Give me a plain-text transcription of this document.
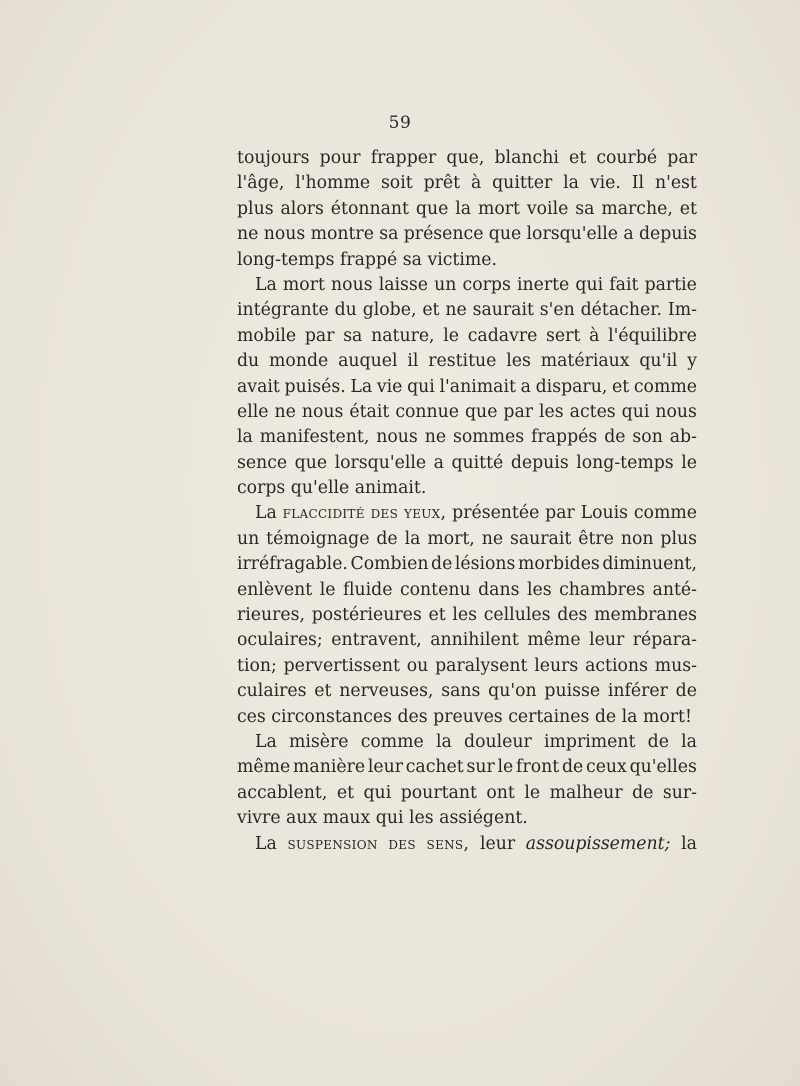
59
toujours pour frapper que, blanchi et courbé par
l'âge, l'homme soit prêt à quitter la vie. Il n'est
plus alors étonnant que la mort voile sa marche, et
ne nous montre sa présence que lorsqu'elle a depuis
long-temps frappé sa victime.
La mort nous laisse un corps inerte qui fait partie
intégrante du globe, et ne saurait s'en détacher. Im-
mobile par sa nature, le cadavre sert à l'équilibre
du monde auquel il restitue les matériaux qu'il y
avait puisés. La vie qui l'animait a disparu, et comme
elle ne nous était connue que par les actes qui nous
la manifestent, nous ne sommes frappés de son ab-
sence que lorsqu'elle a quitté depuis long-temps le
corps qu'elle animait.
La flaccidité des yeux, présentée par Louis comme
un témoignage de la mort, ne saurait être non plus
irréfragable. Combien de lésions morbides diminuent,
enlèvent le fluide contenu dans les chambres anté-
rieures, postérieures et les cellules des membranes
oculaires; entravent, annihilent même leur répara-
tion; pervertissent ou paralysent leurs actions mus-
culaires et nerveuses, sans qu'on puisse inférer de
ces circonstances des preuves certaines de la mort!
La misère comme la douleur impriment de la
même manière leur cachet sur le front de ceux qu'elles
accablent, et qui pourtant ont le malheur de sur-
vivre aux maux qui les assiégent.
La suspension des sens, leur assoupissement; la
